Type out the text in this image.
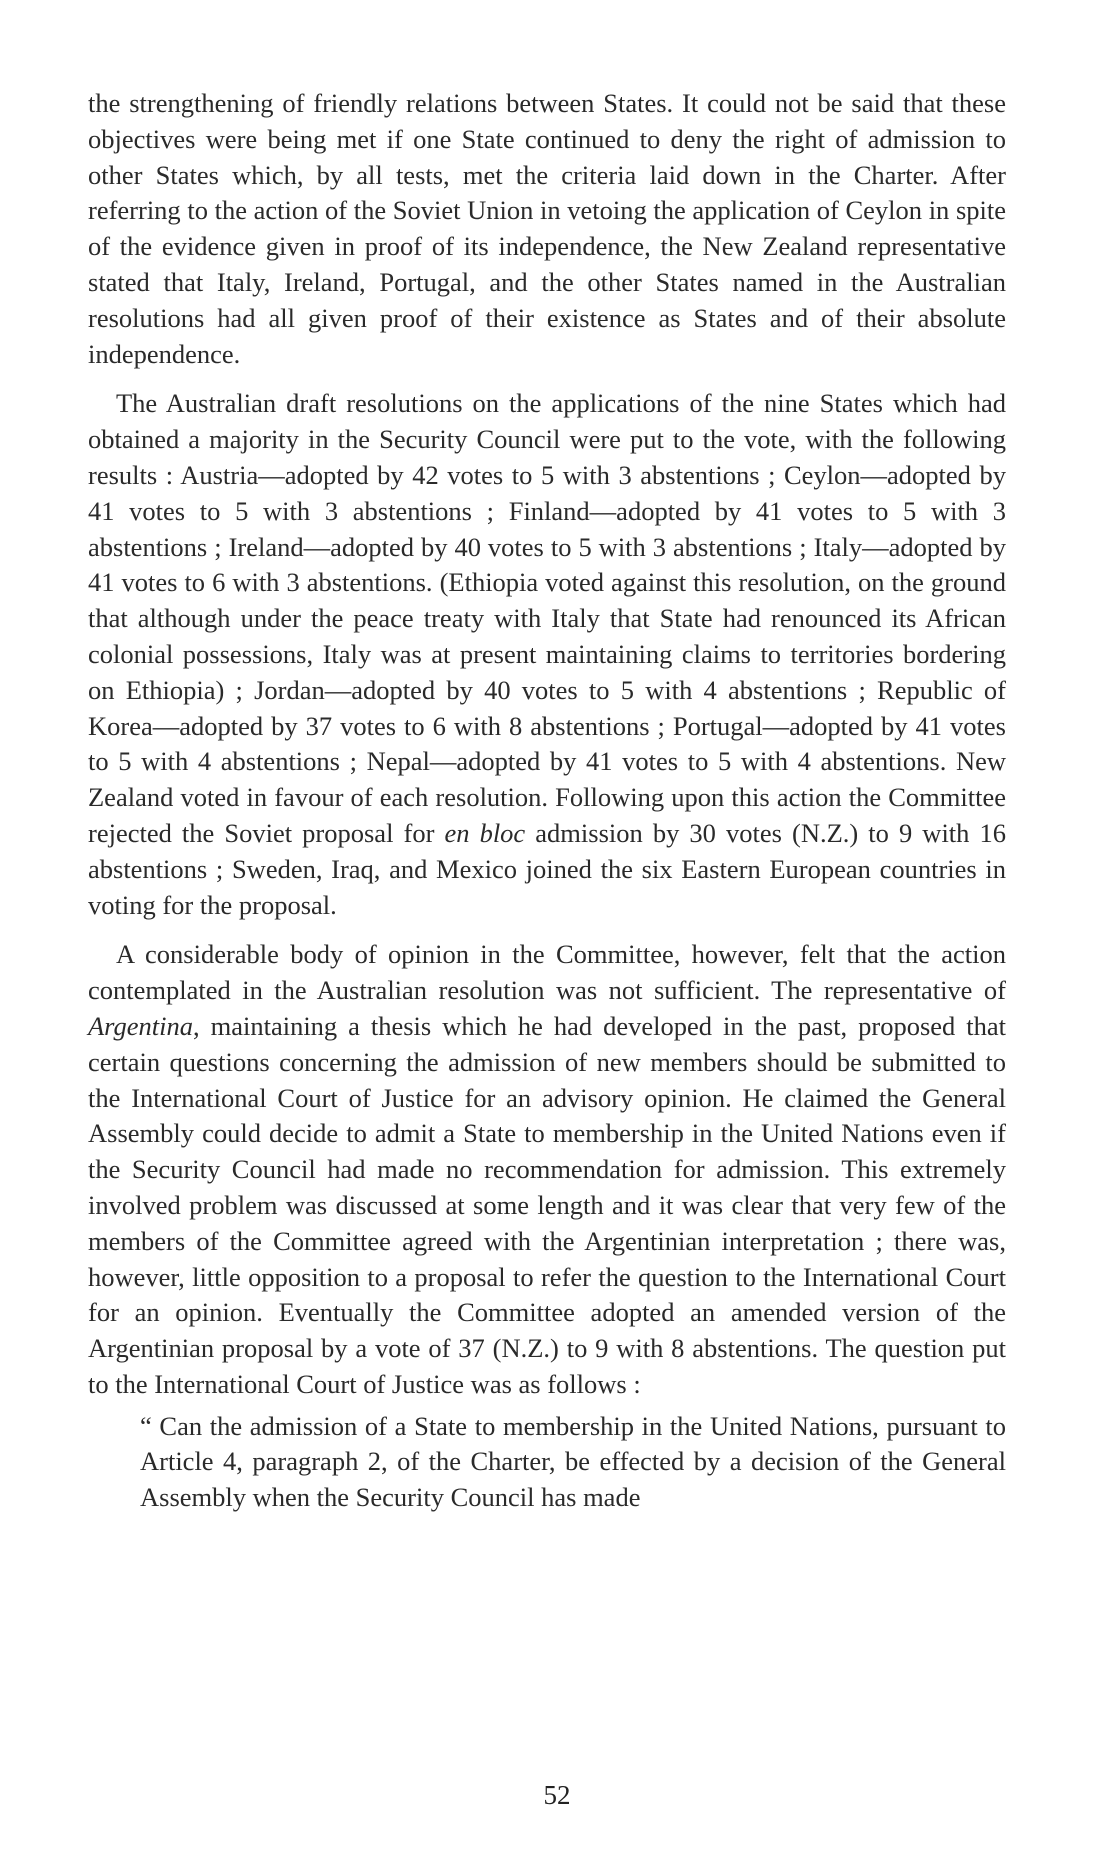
the strengthening of friendly relations between States. It could not be said that these objectives were being met if one State continued to deny the right of admission to other States which, by all tests, met the criteria laid down in the Charter. After referring to the action of the Soviet Union in vetoing the application of Ceylon in spite of the evidence given in proof of its independence, the New Zealand representative stated that Italy, Ireland, Portugal, and the other States named in the Australian resolutions had all given proof of their existence as States and of their absolute independence.

The Australian draft resolutions on the applications of the nine States which had obtained a majority in the Security Council were put to the vote, with the following results : Austria—adopted by 42 votes to 5 with 3 abstentions ; Ceylon—adopted by 41 votes to 5 with 3 abstentions ; Finland—adopted by 41 votes to 5 with 3 abstentions ; Ireland—adopted by 40 votes to 5 with 3 abstentions ; Italy—adopted by 41 votes to 6 with 3 abstentions. (Ethiopia voted against this resolution, on the ground that although under the peace treaty with Italy that State had renounced its African colonial possessions, Italy was at present maintaining claims to territories bordering on Ethiopia) ; Jordan—adopted by 40 votes to 5 with 4 abstentions ; Republic of Korea—adopted by 37 votes to 6 with 8 abstentions ; Portugal—adopted by 41 votes to 5 with 4 abstentions ; Nepal—adopted by 41 votes to 5 with 4 abstentions. New Zealand voted in favour of each resolution. Following upon this action the Committee rejected the Soviet proposal for en bloc admission by 30 votes (N.Z.) to 9 with 16 abstentions ; Sweden, Iraq, and Mexico joined the six Eastern European countries in voting for the proposal.

A considerable body of opinion in the Committee, however, felt that the action contemplated in the Australian resolution was not sufficient. The representative of Argentina, maintaining a thesis which he had developed in the past, proposed that certain questions concerning the admission of new members should be submitted to the International Court of Justice for an advisory opinion. He claimed the General Assembly could decide to admit a State to membership in the United Nations even if the Security Council had made no recommendation for admission. This extremely involved problem was discussed at some length and it was clear that very few of the members of the Committee agreed with the Argentinian interpretation ; there was, however, little opposition to a proposal to refer the question to the International Court for an opinion. Eventually the Committee adopted an amended version of the Argentinian proposal by a vote of 37 (N.Z.) to 9 with 8 abstentions. The question put to the International Court of Justice was as follows :

“ Can the admission of a State to membership in the United Nations, pursuant to Article 4, paragraph 2, of the Charter, be effected by a decision of the General Assembly when the Security Council has made

52
